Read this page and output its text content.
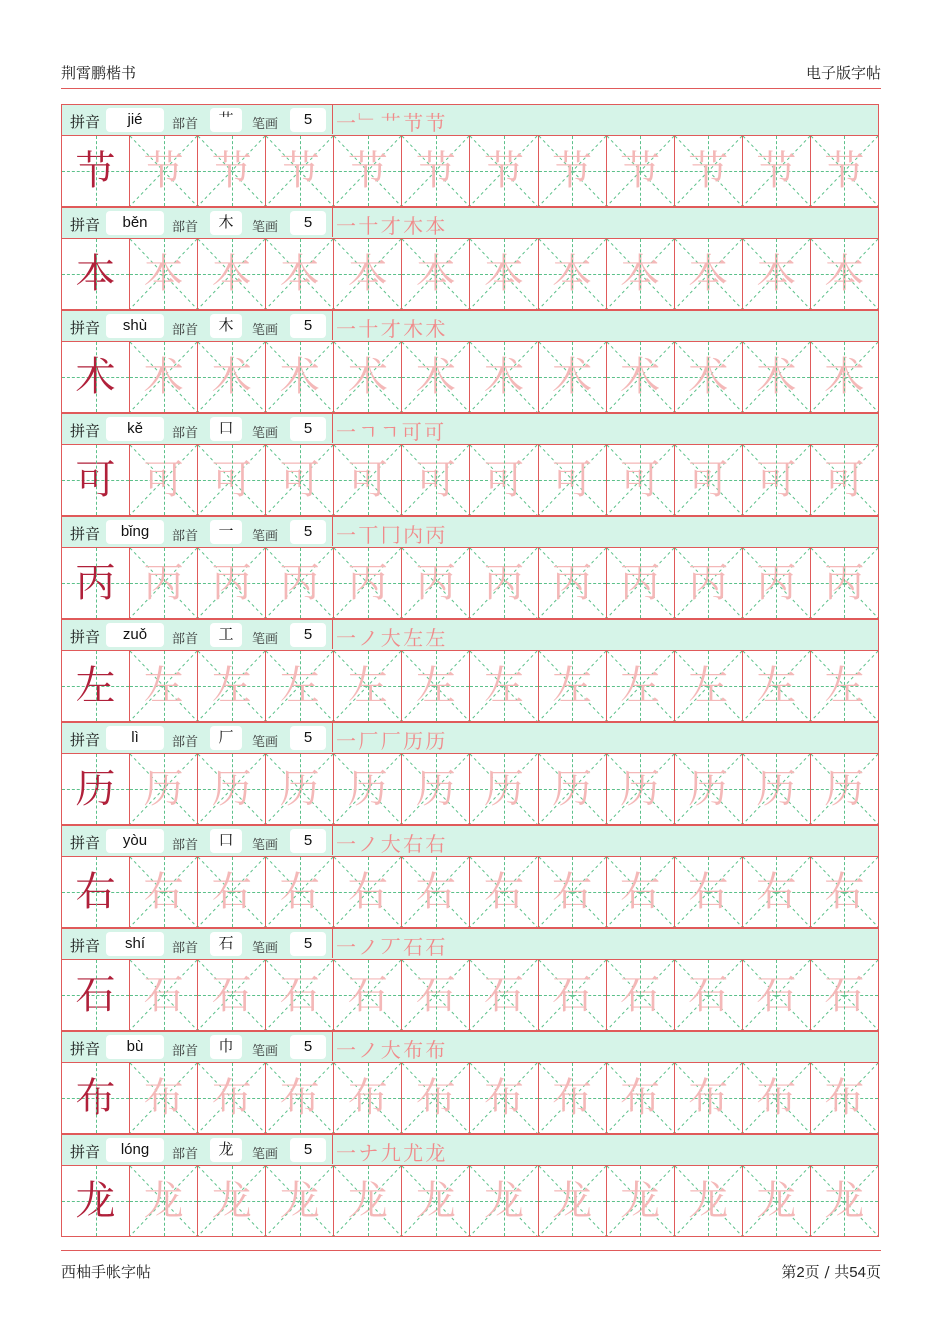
荆霄鹏楷书	电子版字帖
拼音	jié	部首	艹	笔画	5	一 ﹂ 艹 节 节
节 节 节 节 节 节 节 节 节 节 节 节
拼音	běn	部首	木	笔画	5	一 十 才 木 本
本 本 本 本 本 本 本 本 本 本 本 本
拼音	shù	部首	木	笔画	5	一 十 才 木 术
术 术 术 术 术 术 术 术 术 术 术 术
拼音	kě	部首	口	笔画	5	一 ㄱ ㄱ 可 可
可 可 可 可 可 可 可 可 可 可 可 可
拼音	bǐng	部首	一	笔画	5	一 丅 冂 内 丙
丙 丙 丙 丙 丙 丙 丙 丙 丙 丙 丙 丙
拼音	zuǒ	部首	工	笔画	5	一 ノ 大 左 左
左 左 左 左 左 左 左 左 左 左 左 左
拼音	lì	部首	厂	笔画	5	一 厂 厂 历 历
历 历 历 历 历 历 历 历 历 历 历 历
拼音	yòu	部首	口	笔画	5	一 ノ 大 右 右
右 右 右 右 右 右 右 右 右 右 右 右
拼音	shí	部首	石	笔画	5	一 ノ 丆 石 石
石 石 石 石 石 石 石 石 石 石 石 石
拼音	bù	部首	巾	笔画	5	一 ノ 大 布 布
布 布 布 布 布 布 布 布 布 布 布 布
拼音	lóng	部首	龙	笔画	5	一 ナ 九 尤 龙
龙 龙 龙 龙 龙 龙 龙 龙 龙 龙 龙 龙
西柚手帐字帖	第2页 / 共54页
